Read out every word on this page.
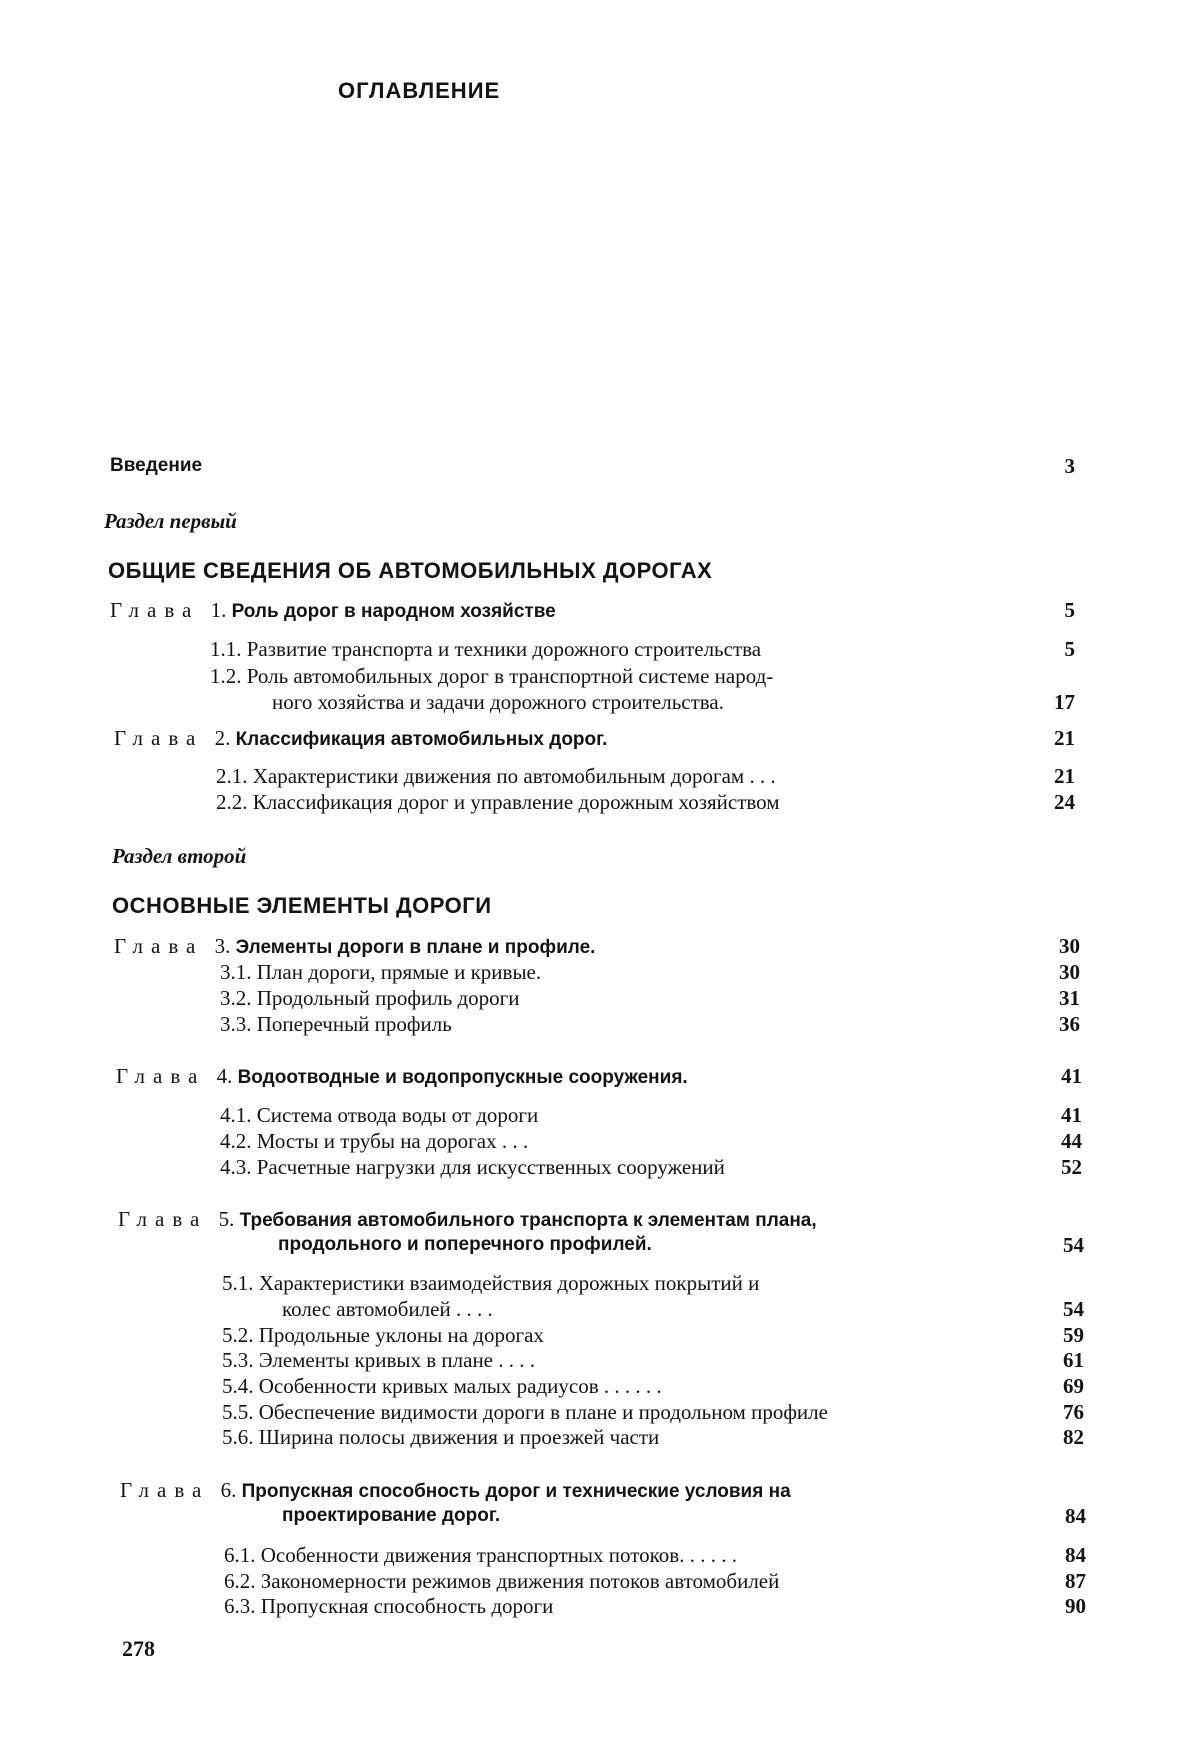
ОГЛАВЛЕНИЕ
Введение	3
Раздел первый
ОБЩИЕ СВЕДЕНИЯ ОБ АВТОМОБИЛЬНЫХ ДОРОГАХ
Глава 1. Роль дорог в народном хозяйстве	5
1.1. Развитие транспорта и техники дорожного строительства	5
1.2. Роль автомобильных дорог в транспортной системе народ-
ного хозяйства и задачи дорожного строительства.	17
Глава 2. Классификация автомобильных дорог.	21
2.1. Характеристики движения по автомобильным дорогам . . .	21
2.2. Классификация дорог и управление дорожным хозяйством	24
Раздел второй
ОСНОВНЫЕ ЭЛЕМЕНТЫ ДОРОГИ
Глава 3. Элементы дороги в плане и профиле.	30
3.1. План дороги, прямые и кривые.	30
3.2. Продольный профиль дороги	31
3.3. Поперечный профиль	36
Глава 4. Водоотводные и водопропускные сооружения.	41
4.1. Система отвода воды от дороги	41
4.2. Мосты и трубы на дорогах . . .	44
4.3. Расчетные нагрузки для искусственных сооружений	52
Глава 5. Требования автомобильного транспорта к элементам плана,
продольного и поперечного профилей.	54
5.1. Характеристики взаимодействия дорожных покрытий и
колес автомобилей . . . .	54
5.2. Продольные уклоны на дорогах	59
5.3. Элементы кривых в плане . . . .	61
5.4. Особенности кривых малых радиусов . . . . . .	69
5.5. Обеспечение видимости дороги в плане и продольном профиле	76
5.6. Ширина полосы движения и проезжей части	82
Глава 6. Пропускная способность дорог и технические условия на
проектирование дорог.	84
6.1. Особенности движения транспортных потоков. . . . . .	84
6.2. Закономерности режимов движения потоков автомобилей	87
6.3. Пропускная способность дороги	90
278
